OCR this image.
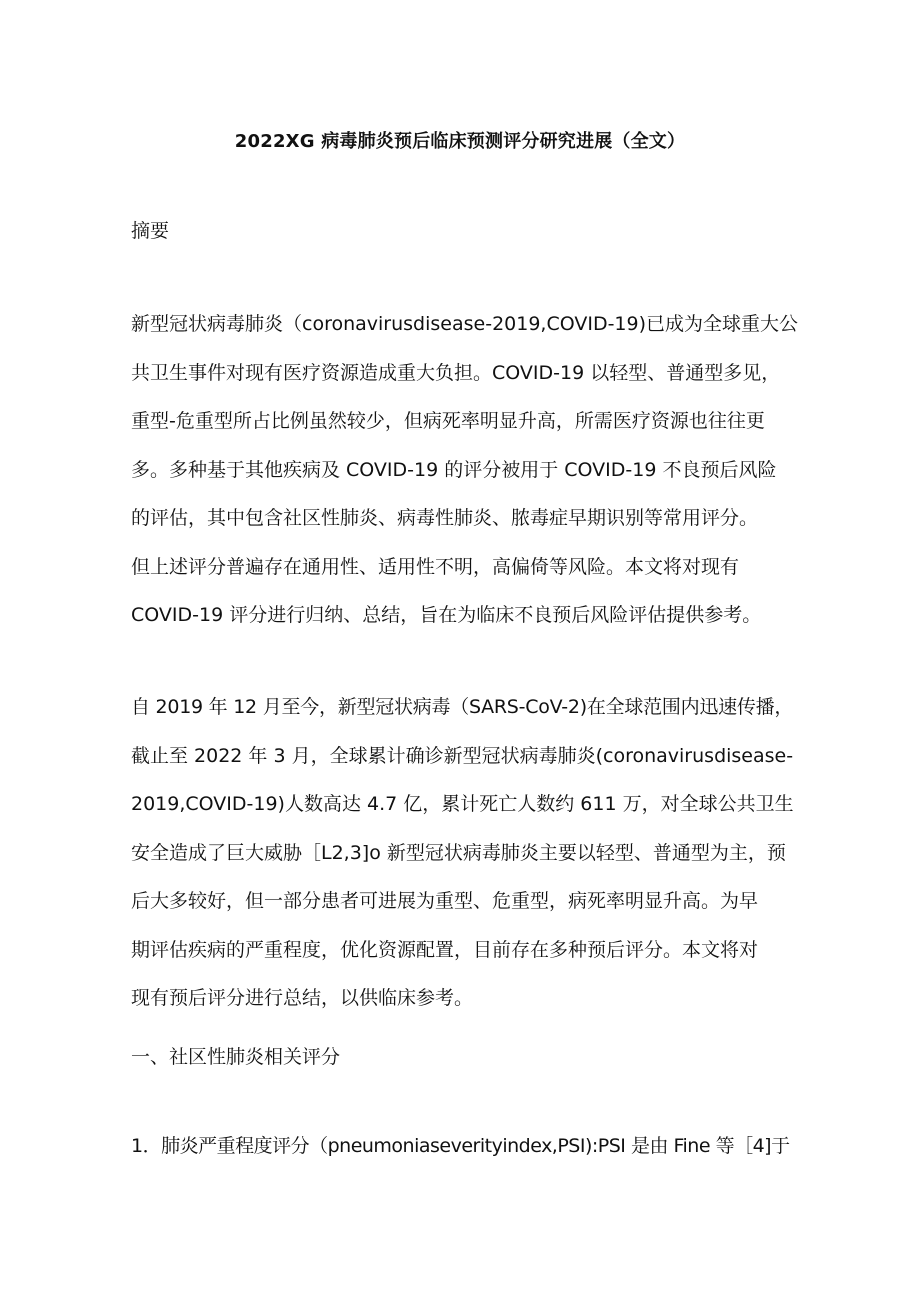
2022XG 病毒肺炎预后临床预测评分研究进展（全文）
摘要
新型冠状病毒肺炎（coronavirusdisease-2019,COVID-19)已成为全球重大公
共卫生事件对现有医疗资源造成重大负担。COVID-19 以轻型、普通型多见，
重型-危重型所占比例虽然较少，但病死率明显升高，所需医疗资源也往往更
多。多种基于其他疾病及 COVID-19 的评分被用于 COVID-19 不良预后风险
的评估，其中包含社区性肺炎、病毒性肺炎、脓毒症早期识别等常用评分。
但上述评分普遍存在通用性、适用性不明，高偏倚等风险。本文将对现有
COVID-19 评分进行归纳、总结，旨在为临床不良预后风险评估提供参考。
自 2019 年 12 月至今，新型冠状病毒（SARS-CoV-2)在全球范围内迅速传播，
截止至 2022 年 3 月，全球累计确诊新型冠状病毒肺炎(coronavirusdisease-
2019,COVID-19)人数高达 4.7 亿，累计死亡人数约 611 万，对全球公共卫生
安全造成了巨大威胁［L2,3]o 新型冠状病毒肺炎主要以轻型、普通型为主，预
后大多较好，但一部分患者可进展为重型、危重型，病死率明显升高。为早
期评估疾病的严重程度，优化资源配置，目前存在多种预后评分。本文将对
现有预后评分进行总结，以供临床参考。
一、社区性肺炎相关评分
1．肺炎严重程度评分（pneumoniaseverityindex,PSI):PSI 是由 Fine 等［4]于
